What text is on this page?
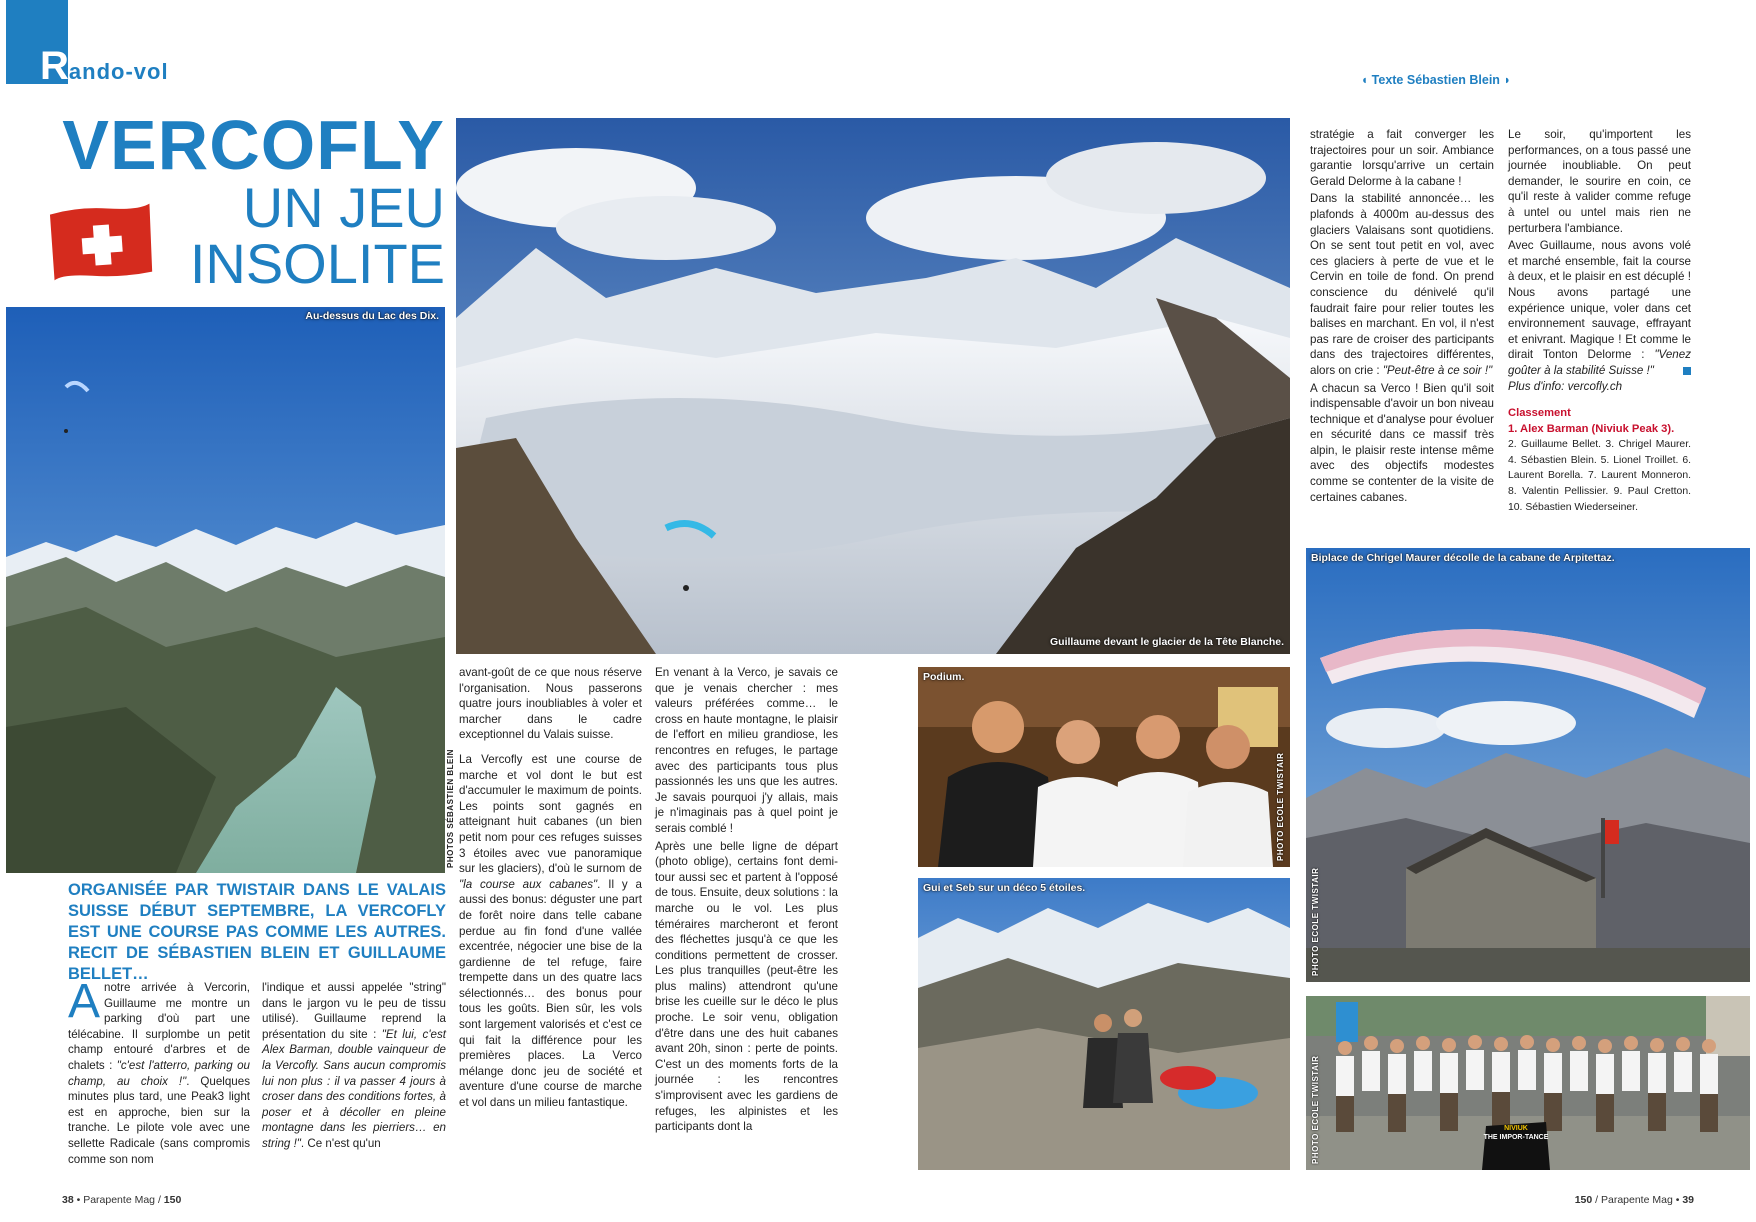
Rando-vol	◖ Texte Sébastien Blein ◗
VERCOFLY
UN JEU
INSOLITE
Au-dessus du Lac des Dix.
PHOTOS SÉBASTIEN BLEIN
Guillaume devant le glacier de la Tête Blanche.
ORGANISÉE PAR TWISTAIR DANS LE VALAIS SUISSE DÉBUT SEPTEMBRE, LA VERCOFLY EST UNE COURSE PAS COMME LES AUTRES. RECIT DE SÉBASTIEN BLEIN ET GUILLAUME BELLET…

Anotre arrivée à Vercorin, Guillaume me montre un parking d'où part une télécabine. Il surplombe un petit champ entouré d'arbres et de chalets : "c'est l'atterro, parking ou champ, au choix !". Quelques minutes plus tard, une Peak3 light est en approche, bien sur la tranche. Le pilote vole avec une sellette Radicale (sans compromis comme son nom

l'indique et aussi appelée "string" dans le jargon vu le peu de tissu utilisé). Guillaume reprend la présentation du site : "Et lui, c'est Alex Barman, double vainqueur de la Vercofly. Sans aucun compromis lui non plus : il va passer 4 jours à croser dans des conditions fortes, à poser et à décoller en pleine montagne dans les pierriers… en string !". Ce n'est qu'un

avant-goût de ce que nous réserve l'organisation. Nous passerons quatre jours inoubliables à voler et marcher dans le cadre exceptionnel du Valais suisse.

La Vercofly est une course de marche et vol dont le but est d'accumuler le maximum de points. Les points sont gagnés en atteignant huit cabanes (un bien petit nom pour ces refuges suisses 3 étoiles avec vue panoramique sur les glaciers), d'où le surnom de "la course aux cabanes". Il y a aussi des bonus: déguster une part de forêt noire dans telle cabane perdue au fin fond d'une vallée excentrée, négocier une bise de la gardienne de tel refuge, faire trempette dans un des quatre lacs sélectionnés… des bonus pour tous les goûts. Bien sûr, les vols sont largement valorisés et c'est ce qui fait la différence pour les premières places. La Verco mélange donc jeu de société et aventure d'une course de marche et vol dans un milieu fantastique.

En venant à la Verco, je savais ce que je venais chercher : mes valeurs préférées comme… le cross en haute montagne, le plaisir de l'effort en milieu grandiose, les rencontres en refuges, le partage avec des participants tous plus passionnés les uns que les autres. Je savais pourquoi j'y allais, mais je n'imaginais pas à quel point je serais comblé !

Après une belle ligne de départ (photo oblige), certains font demi-tour aussi sec et partent à l'opposé de tous. Ensuite, deux solutions : la marche ou le vol. Les plus téméraires marcheront et feront des fléchettes jusqu'à ce que les conditions permettent de crosser. Les plus tranquilles (peut-être les plus malins) attendront qu'une brise les cueille sur le déco le plus proche. Le soir venu, obligation d'être dans une des huit cabanes avant 20h, sinon : perte de points. C'est un des moments forts de la journée : les rencontres s'improvisent avec les gardiens de refuges, les alpinistes et les participants dont la

stratégie a fait converger les trajectoires pour un soir. Ambiance garantie lorsqu'arrive un certain Gerald Delorme à la cabane !

Dans la stabilité annoncée… les plafonds à 4000m au-dessus des glaciers Valaisans sont quotidiens. On se sent tout petit en vol, avec ces glaciers à perte de vue et le Cervin en toile de fond. On prend conscience du dénivelé qu'il faudrait faire pour relier toutes les balises en marchant. En vol, il n'est pas rare de croiser des participants dans des trajectoires différentes, alors on crie : "Peut-être à ce soir !"

A chacun sa Verco ! Bien qu'il soit indispensable d'avoir un bon niveau technique et d'analyse pour évoluer en sécurité dans ce massif très alpin, le plaisir reste intense même avec des objectifs modestes comme se contenter de la visite de certaines cabanes.

Le soir, qu'importent les performances, on a tous passé une journée inoubliable. On peut demander, le sourire en coin, ce qu'il reste à valider comme refuge à untel ou untel mais rien ne perturbera l'ambiance.

Avec Guillaume, nous avons volé et marché ensemble, fait la course à deux, et le plaisir en est décuplé ! Nous avons partagé une expérience unique, voler dans cet environnement sauvage, effrayant et enivrant. Magique ! Et comme le dirait Tonton Delorme : "Venez goûter à la stabilité Suisse !"

Plus d'info: vercofly.ch

Classement
1. Alex Barman (Niviuk Peak 3).
2. Guillaume Bellet. 3. Chrigel Maurer. 4. Sébastien Blein. 5. Lionel Troillet. 6. Laurent Borella. 7. Laurent Monneron. 8. Valentin Pellissier. 9. Paul Cretton. 10. Sébastien Wiederseiner.
Podium.
PHOTO ECOLE TWISTAIR
Gui et Seb sur un déco 5 étoiles.
Biplace de Chrigel Maurer décolle de la cabane de Arpitettaz.
PHOTO ECOLE TWISTAIR
NIVIUK
THE IMPOR-TANCE
PHOTO ECOLE TWISTAIR
38 • Parapente Mag / 150	150 / Parapente Mag • 39
